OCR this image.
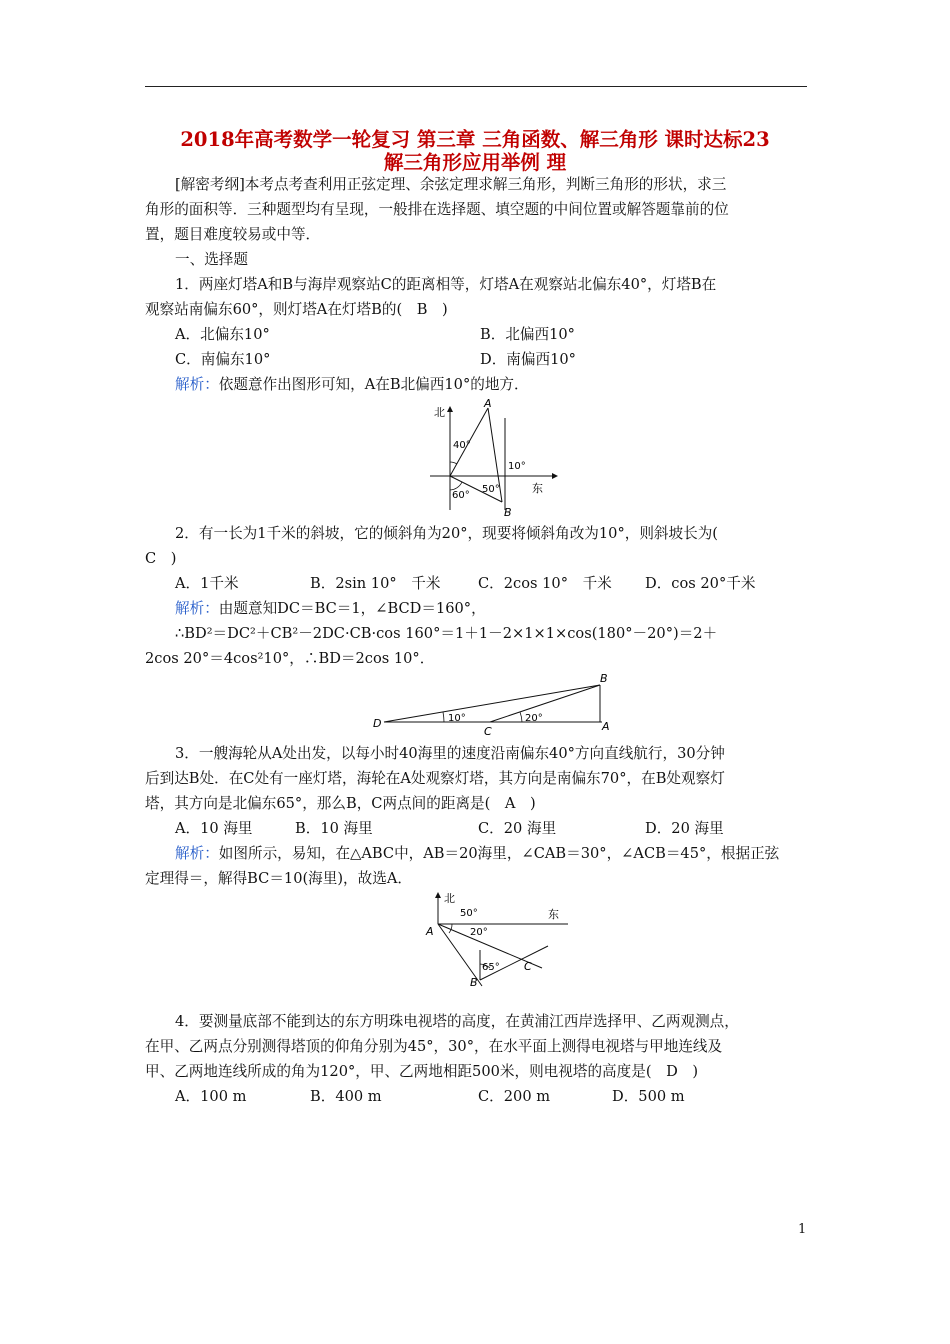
2018年高考数学一轮复习 第三章 三角函数、解三角形 课时达标23
解三角形应用举例 理
[解密考纲]本考点考查利用正弦定理、余弦定理求解三角形，判断三角形的形状，求三
角形的面积等．三种题型均有呈现，一般排在选择题、填空题的中间位置或解答题靠前的位
置，题目难度较易或中等．
一、选择题
1．两座灯塔A和B与海岸观察站C的距离相等，灯塔A在观察站北偏东40°，灯塔B在
观察站南偏东60°，则灯塔A在灯塔B的(　B　)
A．北偏东10°	B．北偏西10°
C．南偏东10°	D．南偏西10°
解析：依题意作出图形可知，A在B北偏西10°的地方．
北
东
40°
10°
60°
50°
A
B
2．有一长为1千米的斜坡，它的倾斜角为20°，现要将倾斜角改为10°，则斜坡长为(
C　)
A．1千米	B．2sin 10°　千米	C．2cos 10°　千米 D．cos 20°千米
解析：由题意知DC＝BC＝1，∠BCD＝160°，
∴BD²＝DC²＋CB²－2DC·CB·cos 160°＝1＋1－2×1×1×cos(180°－20°)＝2＋
2cos 20°＝4cos²10°，∴BD＝2cos 10°．
B
D
C	A
10°	20°
3．一艘海轮从A处出发，以每小时40海里的速度沿南偏东40°方向直线航行，30分钟
后到达B处．在C处有一座灯塔，海轮在A处观察灯塔，其方向是南偏东70°，在B处观察灯
塔，其方向是北偏东65°，那么B，C两点间的距离是(　A　)
A．10 海里	B．10 海里	C．20 海里	D．20 海里
解析：如图所示，易知，在△ABC中，AB＝20海里，∠CAB＝30°，∠ACB＝45°，根据正弦
定理得＝，解得BC＝10(海里)，故选A．
北
东
50°
20°
65°
A
B
C
4．要测量底部不能到达的东方明珠电视塔的高度，在黄浦江西岸选择甲、乙两观测点，
在甲、乙两点分别测得塔顶的仰角分别为45°，30°，在水平面上测得电视塔与甲地连线及
甲、乙两地连线所成的角为120°，甲、乙两地相距500米，则电视塔的高度是(　D　)
A．100 m	B．400 m	C．200 m	D．500 m
1
